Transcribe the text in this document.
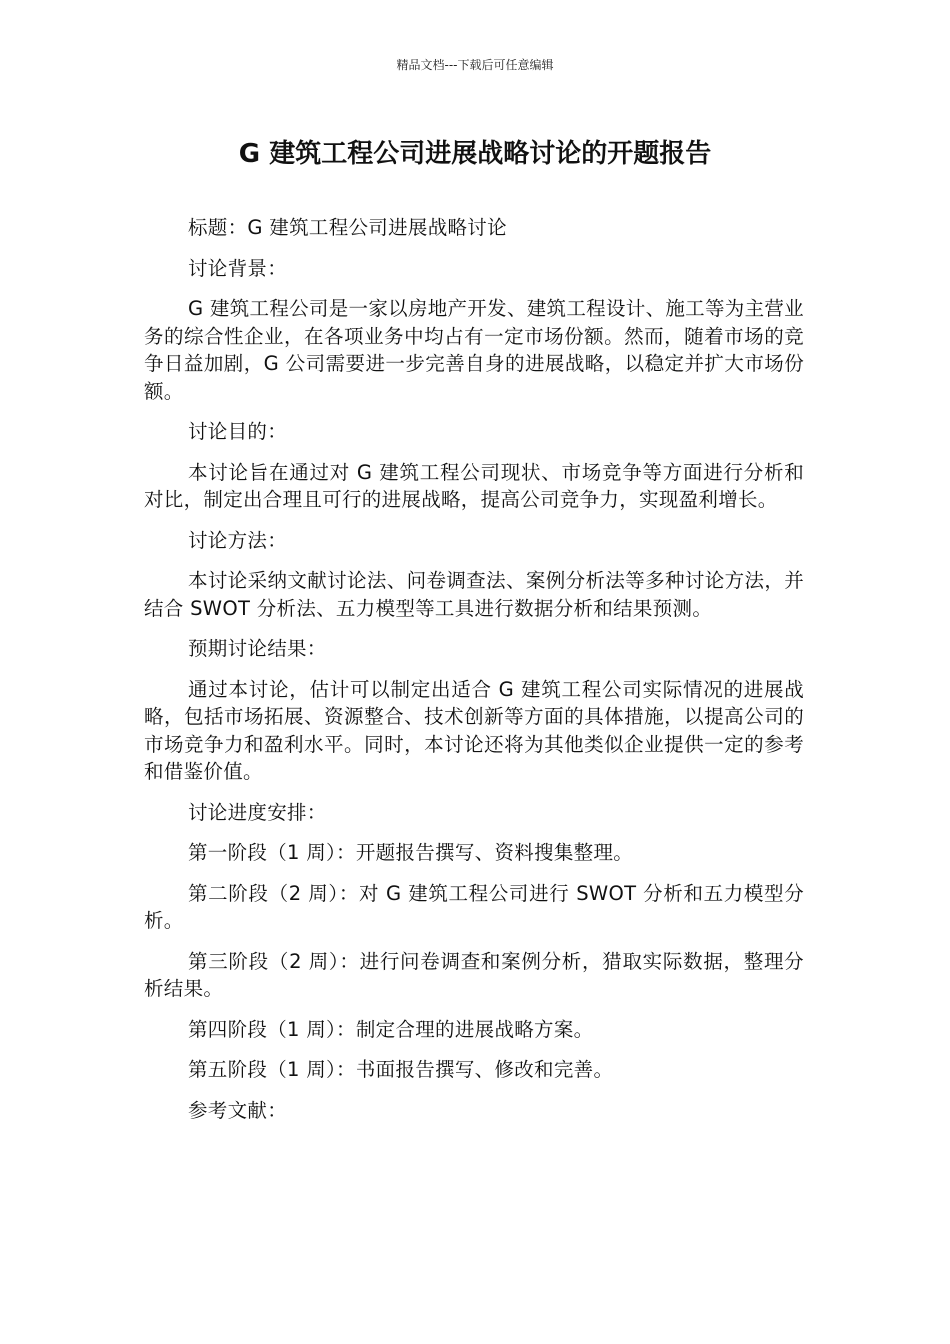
精品文档---下载后可任意编辑
G 建筑工程公司进展战略讨论的开题报告

标题：G 建筑工程公司进展战略讨论

讨论背景：

G 建筑工程公司是一家以房地产开发、建筑工程设计、施工等为主营业务的综合性企业，在各项业务中均占有一定市场份额。然而，随着市场的竞争日益加剧，G 公司需要进一步完善自身的进展战略，以稳定并扩大市场份额。

讨论目的：

本讨论旨在通过对 G 建筑工程公司现状、市场竞争等方面进行分析和对比，制定出合理且可行的进展战略，提高公司竞争力，实现盈利增长。

讨论方法：

本讨论采纳文献讨论法、问卷调查法、案例分析法等多种讨论方法，并结合 SWOT 分析法、五力模型等工具进行数据分析和结果预测。

预期讨论结果：

通过本讨论，估计可以制定出适合 G 建筑工程公司实际情况的进展战略，包括市场拓展、资源整合、技术创新等方面的具体措施，以提高公司的市场竞争力和盈利水平。同时，本讨论还将为其他类似企业提供一定的参考和借鉴价值。

讨论进度安排：

第一阶段（1 周）：开题报告撰写、资料搜集整理。

第二阶段（2 周）：对 G 建筑工程公司进行 SWOT 分析和五力模型分析。

第三阶段（2 周）：进行问卷调查和案例分析，猎取实际数据，整理分析结果。

第四阶段（1 周）：制定合理的进展战略方案。

第五阶段（1 周）：书面报告撰写、修改和完善。

参考文献：
